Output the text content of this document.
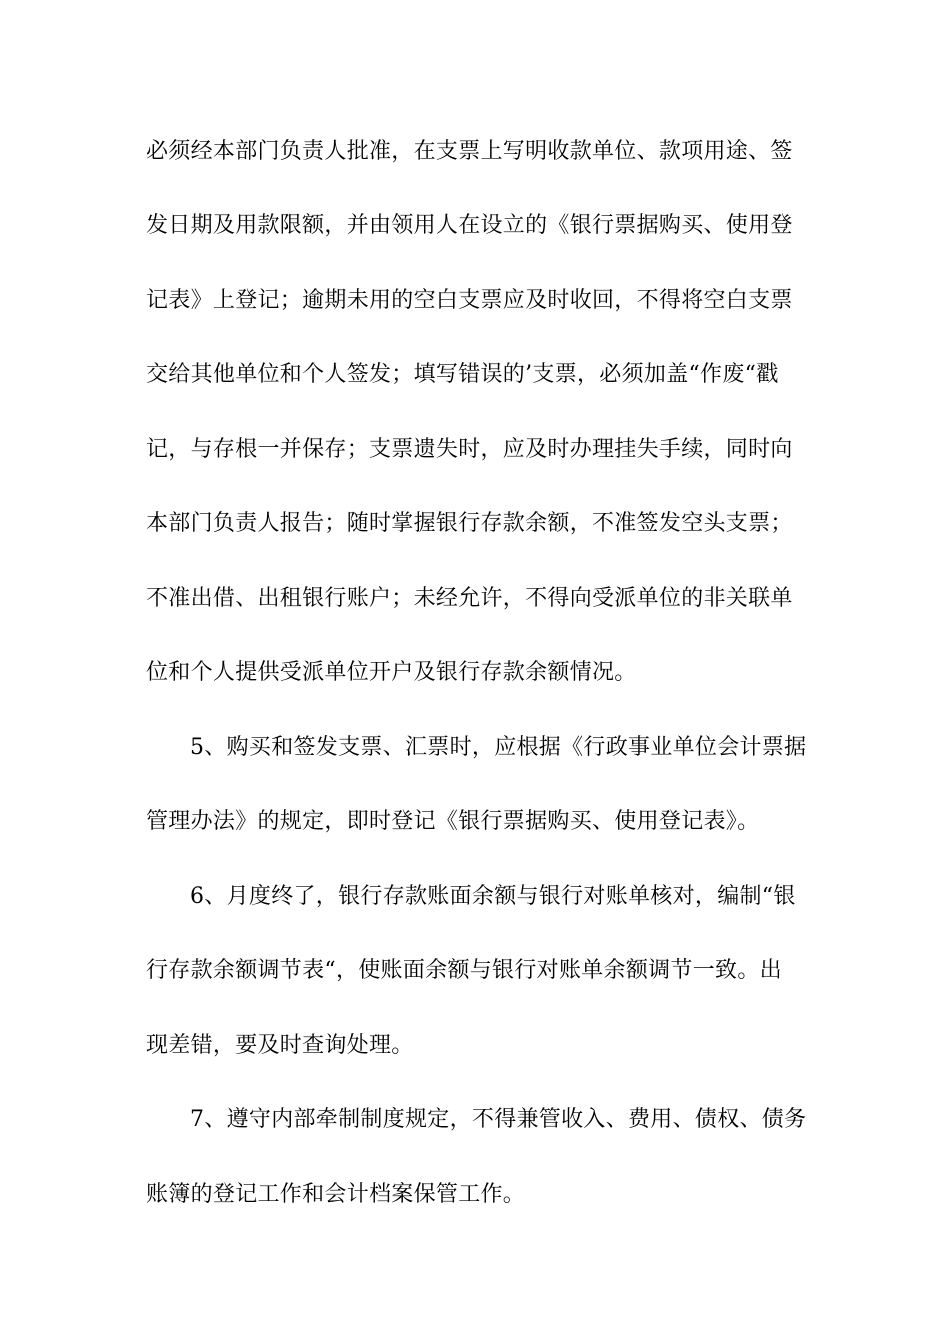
必须经本部门负责人批准，在支票上写明收款单位、款项用途、签
发日期及用款限额，并由领用人在设立的《银行票据购买、使用登
记表》上登记；逾期未用的空白支票应及时收回，不得将空白支票
交给其他单位和个人签发；填写错误的’支票，必须加盖“作废“戳
记，与存根一并保存；支票遗失时，应及时办理挂失手续，同时向
本部门负责人报告；随时掌握银行存款余额，不准签发空头支票；
不准出借、出租银行账户；未经允许，不得向受派单位的非关联单
位和个人提供受派单位开户及银行存款余额情况。
5、购买和签发支票、汇票时，应根据《行政事业单位会计票据
管理办法》的规定，即时登记《银行票据购买、使用登记表》。
6、月度终了，银行存款账面余额与银行对账单核对，编制“银
行存款余额调节表“，使账面余额与银行对账单余额调节一致。出
现差错，要及时查询处理。
7、遵守内部牵制制度规定，不得兼管收入、费用、债权、债务
账簿的登记工作和会计档案保管工作。
